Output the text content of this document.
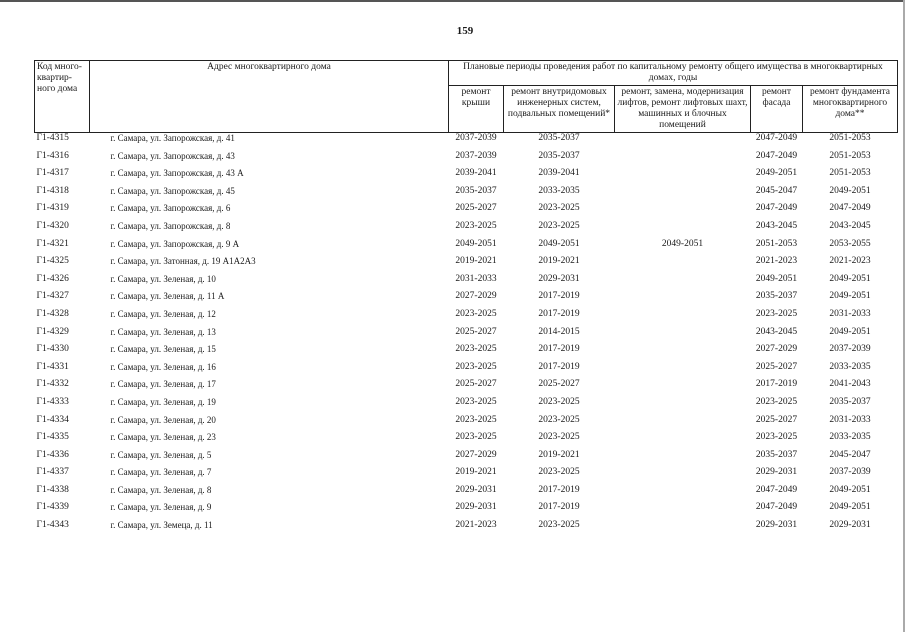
159
Код много-квартир-ного дома	Адрес многоквартирного дома	Плановые периоды проведения работ по капитальному ремонту общего имущества в многоквартирных домах, годы				
		ремонт крыши	ремонт внутридомовых инженерных систем, подвальных помещений*	ремонт, замена, модернизация лифтов, ремонт лифтовых шахт, машинных и блочных помещений	ремонт фасада	ремонт фундамента многоквартирного дома**
Г1-4315	г. Самара, ул. Запорожская, д. 41	2037-2039	2035-2037		2047-2049	2051-2053
Г1-4316	г. Самара, ул. Запорожская, д. 43	2037-2039	2035-2037		2047-2049	2051-2053
Г1-4317	г. Самара, ул. Запорожская, д. 43 А	2039-2041	2039-2041		2049-2051	2051-2053
Г1-4318	г. Самара, ул. Запорожская, д. 45	2035-2037	2033-2035		2045-2047	2049-2051
Г1-4319	г. Самара, ул. Запорожская, д. 6	2025-2027	2023-2025		2047-2049	2047-2049
Г1-4320	г. Самара, ул. Запорожская, д. 8	2023-2025	2023-2025		2043-2045	2043-2045
Г1-4321	г. Самара, ул. Запорожская, д. 9 А	2049-2051	2049-2051	2049-2051	2051-2053	2053-2055
Г1-4325	г. Самара, ул. Затонная, д. 19 А1А2А3	2019-2021	2019-2021		2021-2023	2021-2023
Г1-4326	г. Самара, ул. Зеленая, д. 10	2031-2033	2029-2031		2049-2051	2049-2051
Г1-4327	г. Самара, ул. Зеленая, д. 11 А	2027-2029	2017-2019		2035-2037	2049-2051
Г1-4328	г. Самара, ул. Зеленая, д. 12	2023-2025	2017-2019		2023-2025	2031-2033
Г1-4329	г. Самара, ул. Зеленая, д. 13	2025-2027	2014-2015		2043-2045	2049-2051
Г1-4330	г. Самара, ул. Зеленая, д. 15	2023-2025	2017-2019		2027-2029	2037-2039
Г1-4331	г. Самара, ул. Зеленая, д. 16	2023-2025	2017-2019		2025-2027	2033-2035
Г1-4332	г. Самара, ул. Зеленая, д. 17	2025-2027	2025-2027		2017-2019	2041-2043
Г1-4333	г. Самара, ул. Зеленая, д. 19	2023-2025	2023-2025		2023-2025	2035-2037
Г1-4334	г. Самара, ул. Зеленая, д. 20	2023-2025	2023-2025		2025-2027	2031-2033
Г1-4335	г. Самара, ул. Зеленая, д. 23	2023-2025	2023-2025		2023-2025	2033-2035
Г1-4336	г. Самара, ул. Зеленая, д. 5	2027-2029	2019-2021		2035-2037	2045-2047
Г1-4337	г. Самара, ул. Зеленая, д. 7	2019-2021	2023-2025		2029-2031	2037-2039
Г1-4338	г. Самара, ул. Зеленая, д. 8	2029-2031	2017-2019		2047-2049	2049-2051
Г1-4339	г. Самара, ул. Зеленая, д. 9	2029-2031	2017-2019		2047-2049	2049-2051
Г1-4343	г. Самара, ул. Земеца, д. 11	2021-2023	2023-2025		2029-2031	2029-2031
